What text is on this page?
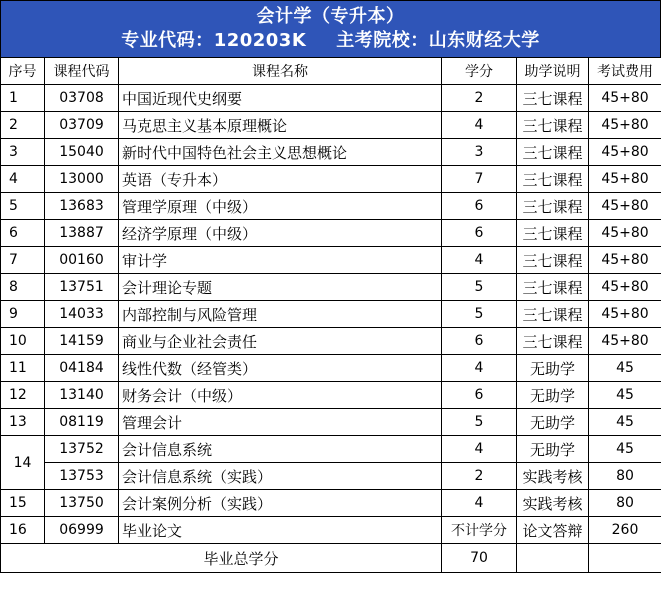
会计学（专升本）
专业代码：120203K 主考院校：山东财经大学
序号	课程代码	课程名称	学分	助学说明	考试费用
1	03708	中国近现代史纲要	2	三七课程	45+80
2	03709	马克思主义基本原理概论	4	三七课程	45+80
3	15040	新时代中国特色社会主义思想概论	3	三七课程	45+80
4	13000	英语（专升本）	7	三七课程	45+80
5	13683	管理学原理（中级）	6	三七课程	45+80
6	13887	经济学原理（中级）	6	三七课程	45+80
7	00160	审计学	4	三七课程	45+80
8	13751	会计理论专题	5	三七课程	45+80
9	14033	内部控制与风险管理	5	三七课程	45+80
10	14159	商业与企业社会责任	6	三七课程	45+80
11	04184	线性代数（经管类）	4	无助学	45
12	13140	财务会计（中级）	6	无助学	45
13	08119	管理会计	5	无助学	45
14	13752	会计信息系统	4	无助学	45
	13753	会计信息系统（实践）	2	实践考核	80
15	13750	会计案例分析（实践）	4	实践考核	80
16	06999	毕业论文	不计学分	论文答辩	260
毕业总学分			70		
